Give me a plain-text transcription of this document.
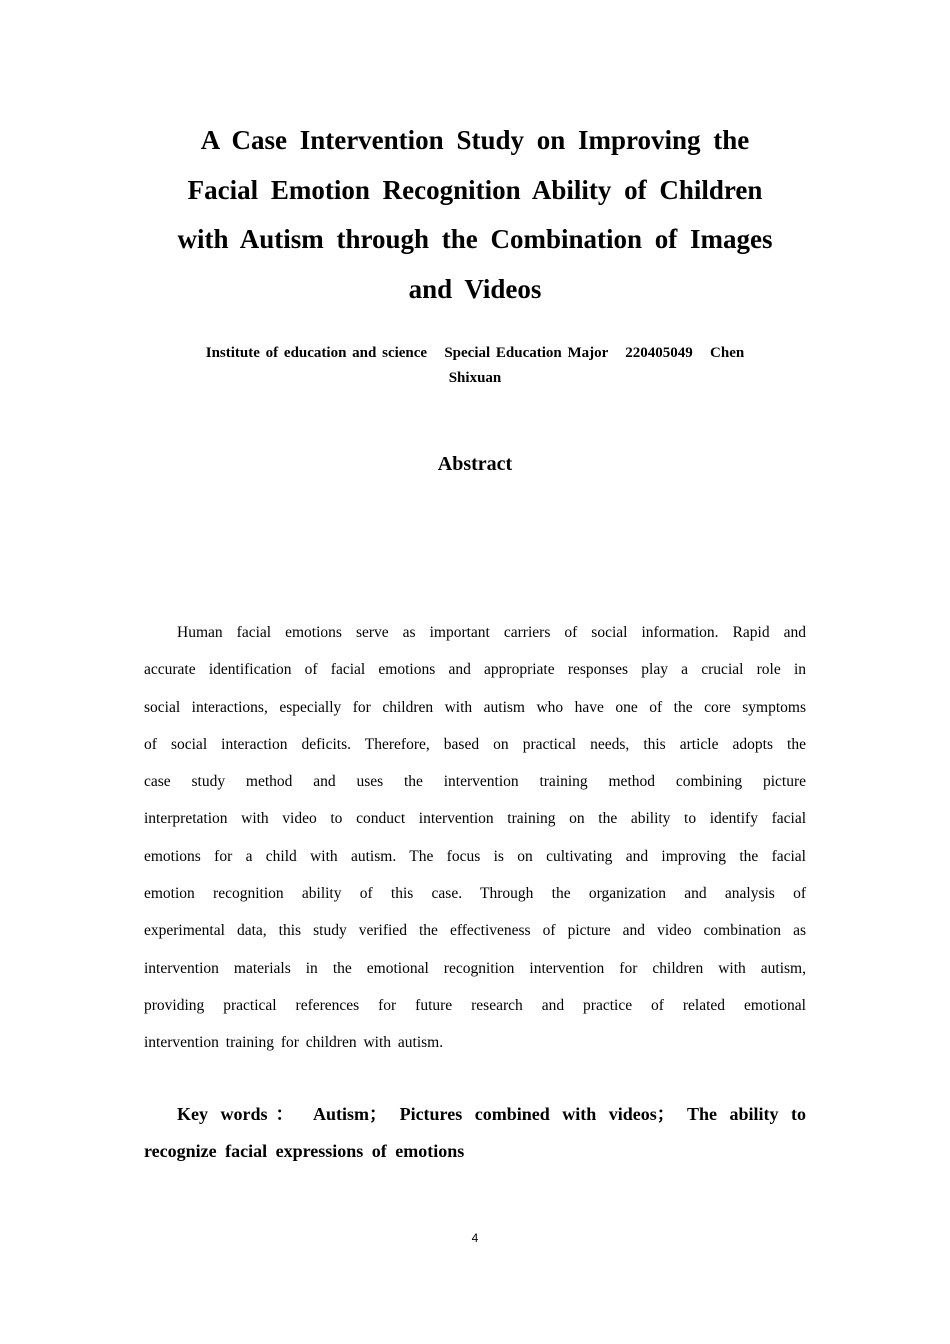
A Case Intervention Study on Improving the
Facial Emotion Recognition Ability of Children
with Autism through the Combination of Images
and Videos

Institute of education and science   Special Education Major   220405049   Chen
Shixuan

Abstract

Human facial emotions serve as important carriers of social information. Rapid and
accurate identification of facial emotions and appropriate responses play a crucial role in
social interactions, especially for children with autism who have one of the core symptoms
of social interaction deficits. Therefore, based on practical needs, this article adopts the
case study method and uses the intervention training method combining picture
interpretation with video to conduct intervention training on the ability to identify facial
emotions for a child with autism. The focus is on cultivating and improving the facial
emotion recognition ability of this case. Through the organization and analysis of
experimental data, this study verified the effectiveness of picture and video combination as
intervention materials in the emotional recognition intervention for children with autism,
providing practical references for future research and practice of related emotional
intervention training for children with autism.

Key words： Autism； Pictures combined with videos； The ability to
recognize facial expressions of emotions

4
